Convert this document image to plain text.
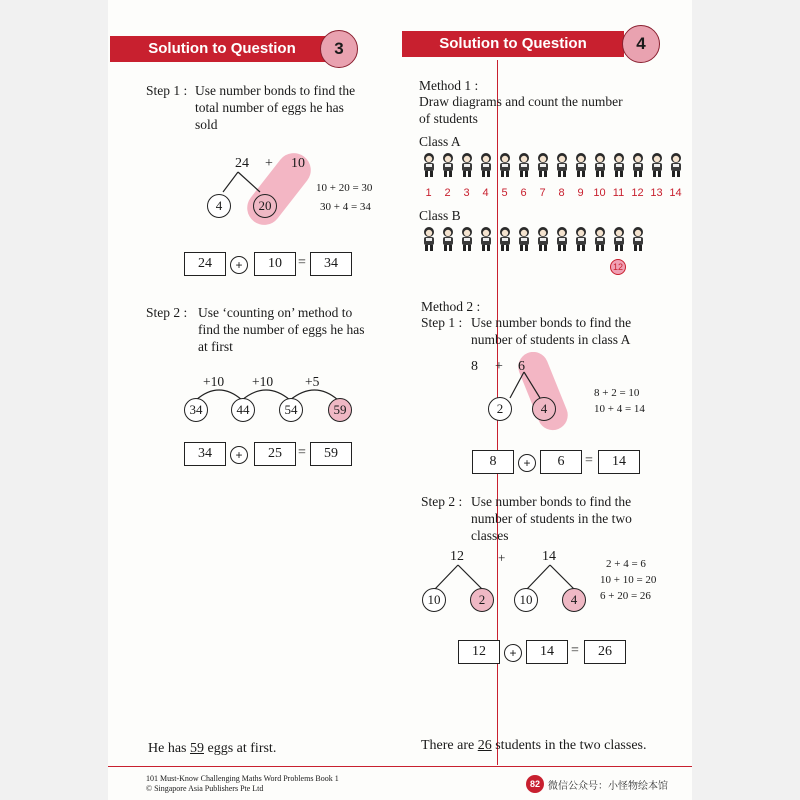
Solution to Question	3
Step 1 : Use number bonds to find the
total number of eggs he has
sold
24 + 10
4	20
10 + 20 = 30
30 + 4 = 34
24	+	10	=	34
Step 2 : Use ‘counting on’ method to
find the number of eggs he has
at first
+10 +10 +5
34	44	54	59
34	+	25	=	59
He has 59 eggs at first.
Solution to Question	4
Method 1 :
Draw diagrams and count the number
of students
Class A
1 2 3 4 5 6 7 8 9 10 11 12 13 14
Class B
12
Method 2 :
Step 1 : Use number bonds to find the
number of students in class A
8 + 6
2	4
8 + 2 = 10
10 + 4 = 14
8	+	6	=	14
Step 2 : Use number bonds to find the
number of students in the two
classes
12	+	14
10	2	10	4
2 + 4 = 6
10 + 10 = 20
6 + 20 = 26
12	+	14	=	26
There are 26 students in the two classes.
101 Must-Know Challenging Maths Word Problems Book 1
© Singapore Asia Publishers Pte Ltd	82 微信公众号：小怪物绘本馆
